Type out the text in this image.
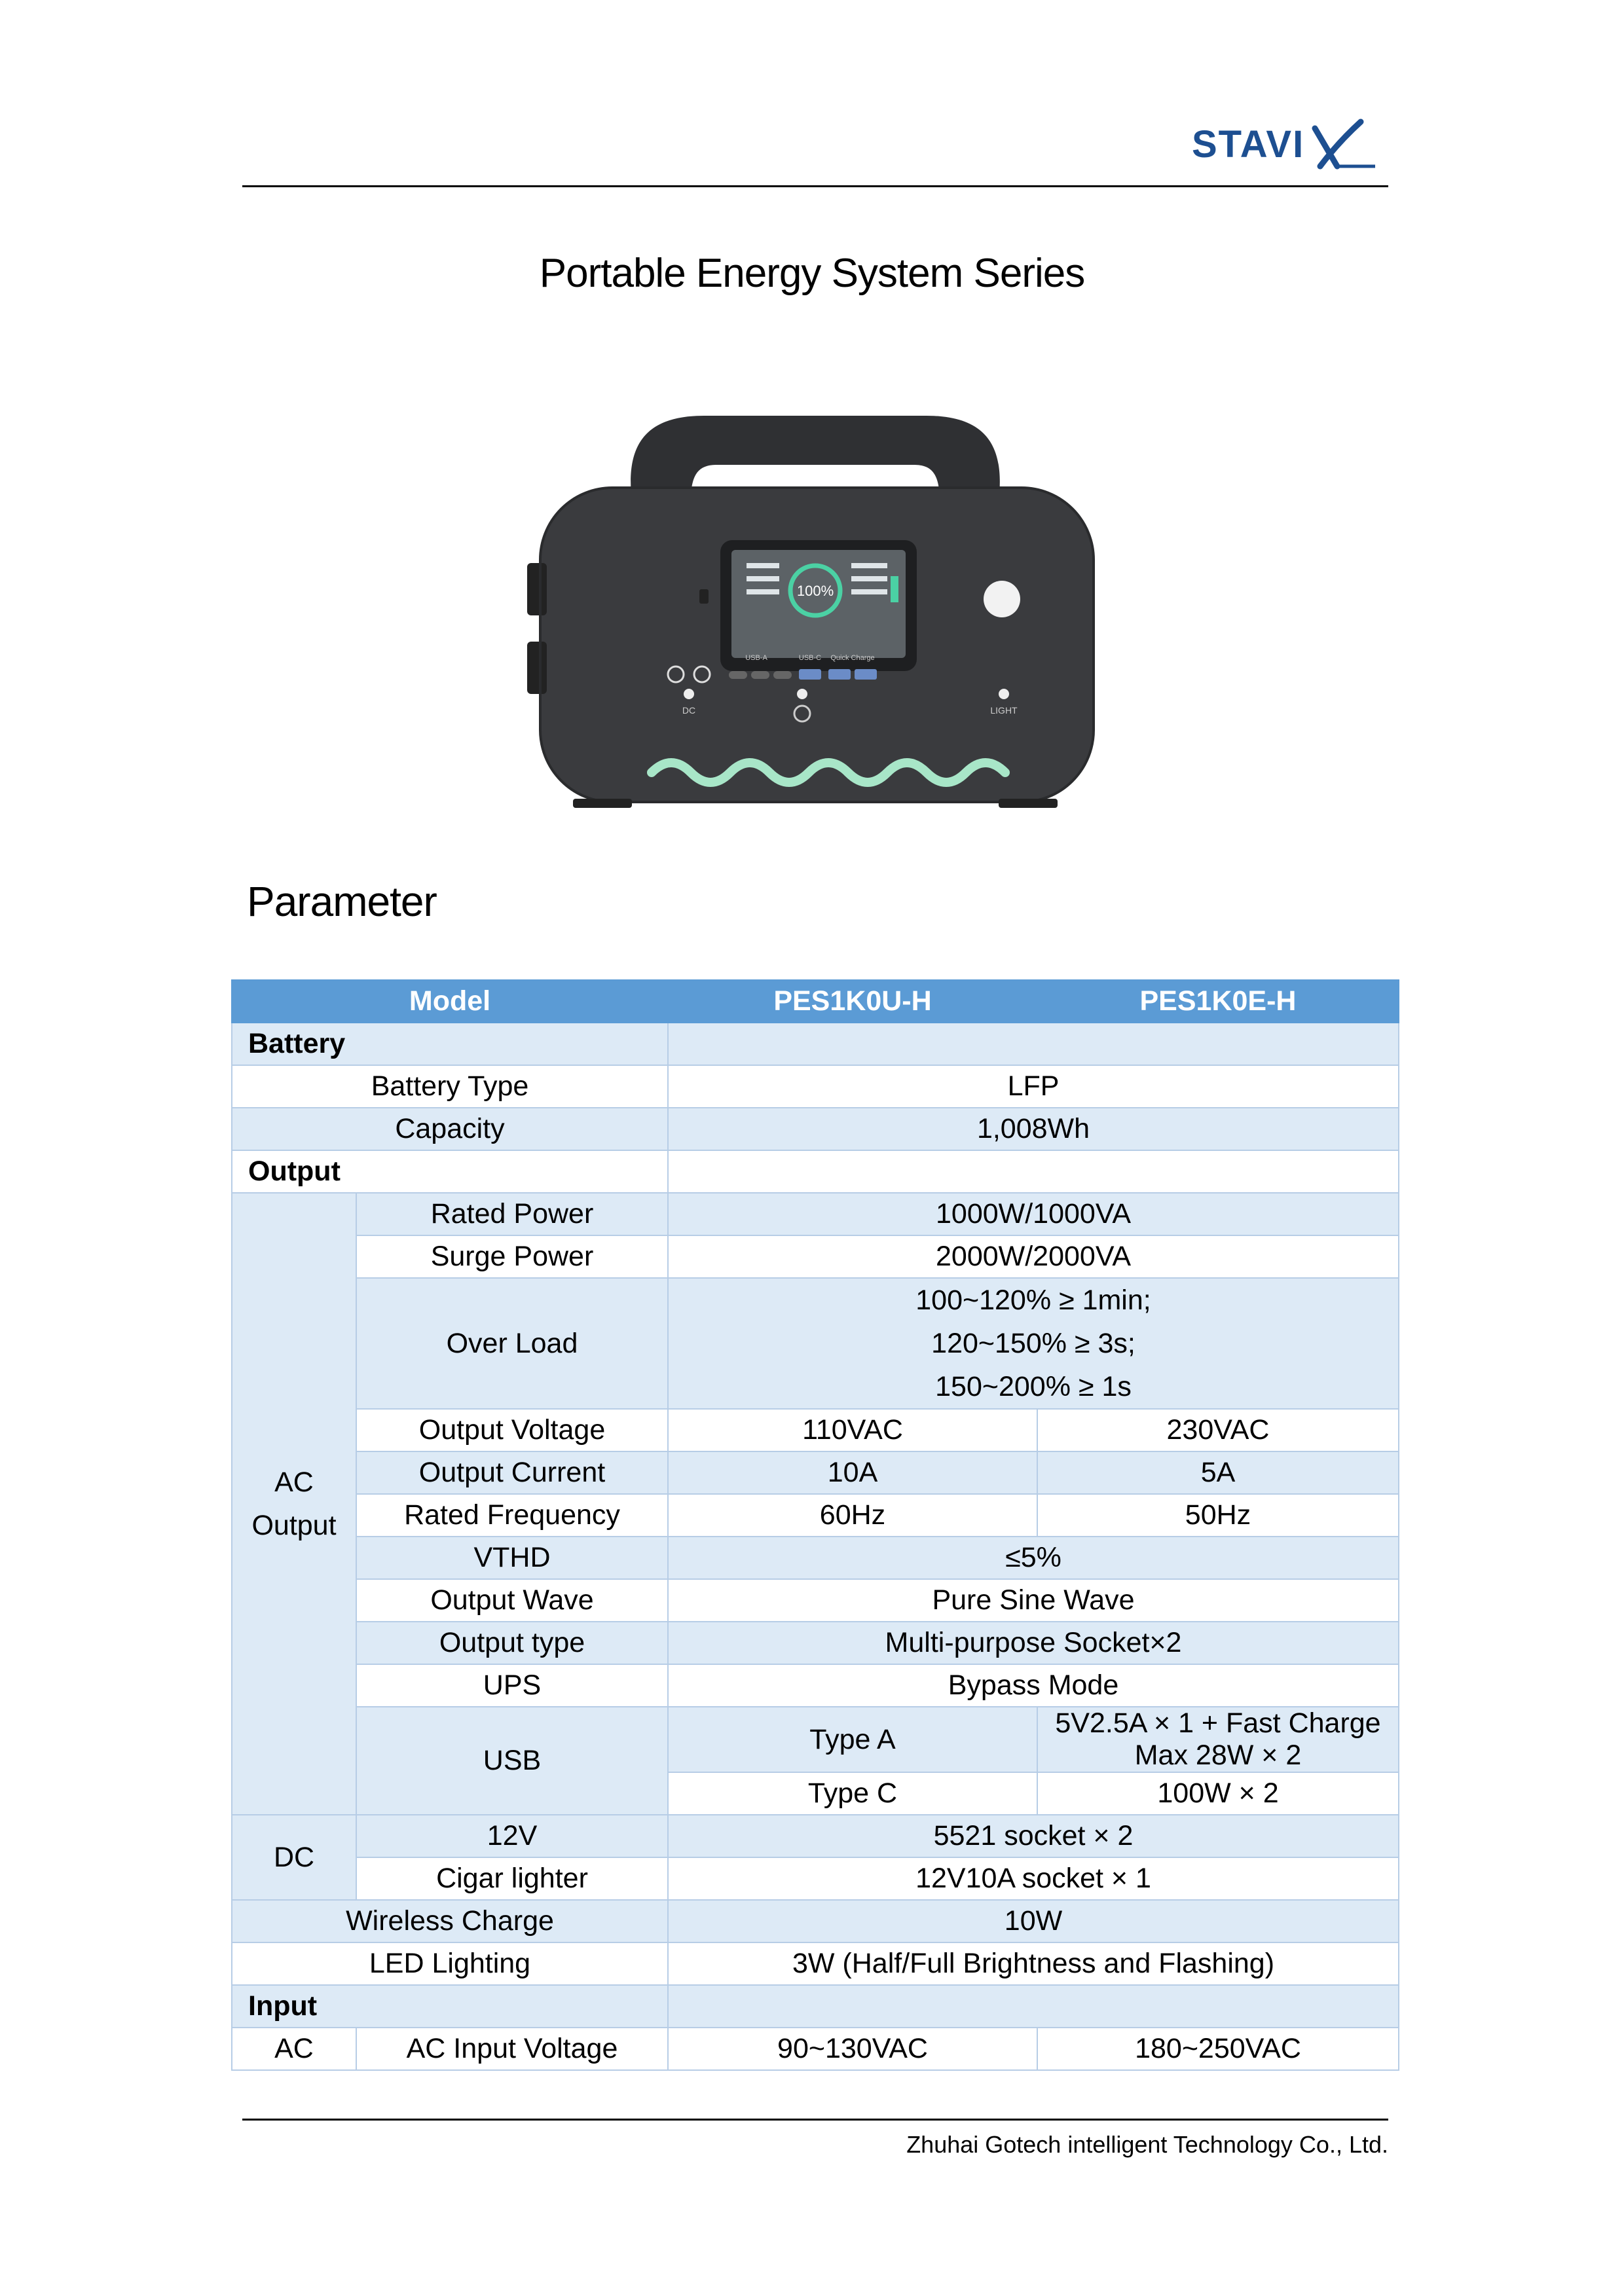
STAVI
Portable Energy System Series
100%
DC
USB-A	USB-C Quick Charge
LIGHT
Parameter
Model		PES1K0U-H	PES1K0E-H
Battery			
Battery Type		LFP	
Capacity		1,008Wh	
Output			
AC Output	Rated Power	1000W/1000VA	
	Surge Power	2000W/2000VA	
	Over Load	100~120% ≥ 1min;
120~150% ≥ 3s;
150~200% ≥ 1s	

	Output Voltage	110VAC	230VAC
	Output Current	10A	5A
	Rated Frequency	60Hz	50Hz
	VTHD	≤5%	
	Output Wave	Pure Sine Wave	
	Output type	Multi-purpose Socket×2	
	UPS	Bypass Mode	
	USB	Type A	5V2.5A × 1 + Fast Charge Max 28W × 2
		Type C	100W × 2
DC	12V	5521 socket × 2	
	Cigar lighter	12V10A socket × 1	
Wireless Charge		10W	
LED Lighting		3W (Half/Full Brightness and Flashing)	
Input			
AC	AC Input Voltage	90~130VAC	180~250VAC
Zhuhai Gotech intelligent Technology Co., Ltd.
